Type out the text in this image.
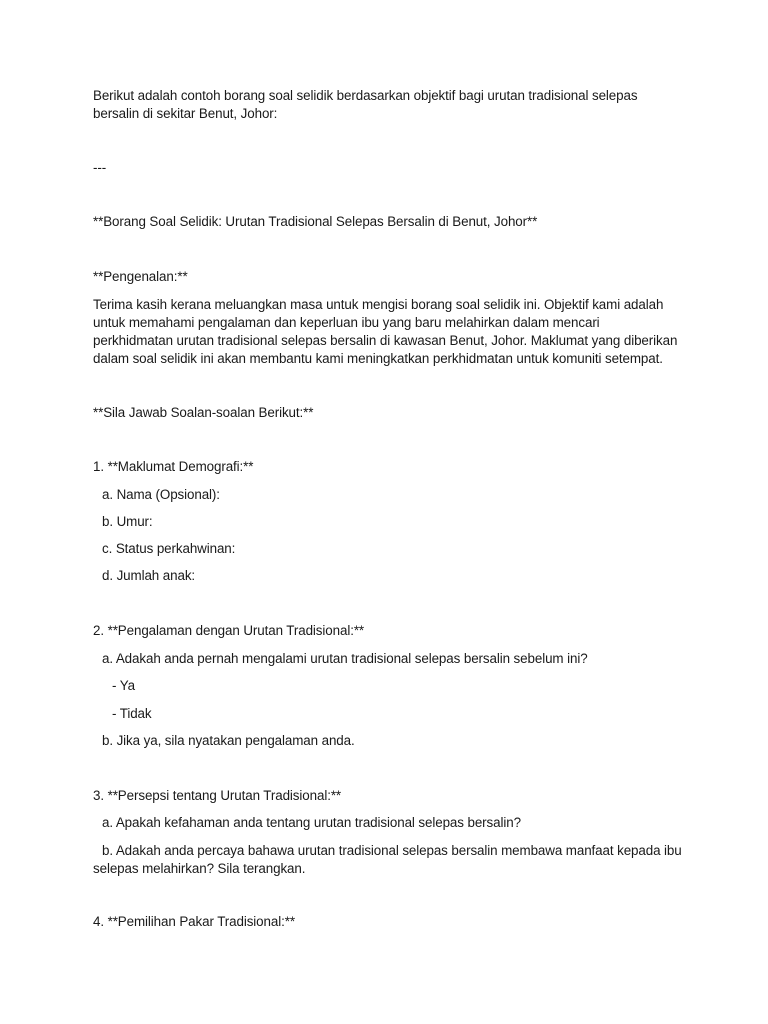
Berikut adalah contoh borang soal selidik berdasarkan objektif bagi urutan tradisional selepas
bersalin di sekitar Benut, Johor:
---
**Borang Soal Selidik: Urutan Tradisional Selepas Bersalin di Benut, Johor**
**Pengenalan:**
Terima kasih kerana meluangkan masa untuk mengisi borang soal selidik ini. Objektif kami adalah
untuk memahami pengalaman dan keperluan ibu yang baru melahirkan dalam mencari
perkhidmatan urutan tradisional selepas bersalin di kawasan Benut, Johor. Maklumat yang diberikan
dalam soal selidik ini akan membantu kami meningkatkan perkhidmatan untuk komuniti setempat.
**Sila Jawab Soalan-soalan Berikut:**
1. **Maklumat Demografi:**
a. Nama (Opsional):
b. Umur:
c. Status perkahwinan:
d. Jumlah anak:
2. **Pengalaman dengan Urutan Tradisional:**
a. Adakah anda pernah mengalami urutan tradisional selepas bersalin sebelum ini?
- Ya
- Tidak
b. Jika ya, sila nyatakan pengalaman anda.
3. **Persepsi tentang Urutan Tradisional:**
a. Apakah kefahaman anda tentang urutan tradisional selepas bersalin?
b. Adakah anda percaya bahawa urutan tradisional selepas bersalin membawa manfaat kepada ibu
selepas melahirkan? Sila terangkan.
4. **Pemilihan Pakar Tradisional:**
